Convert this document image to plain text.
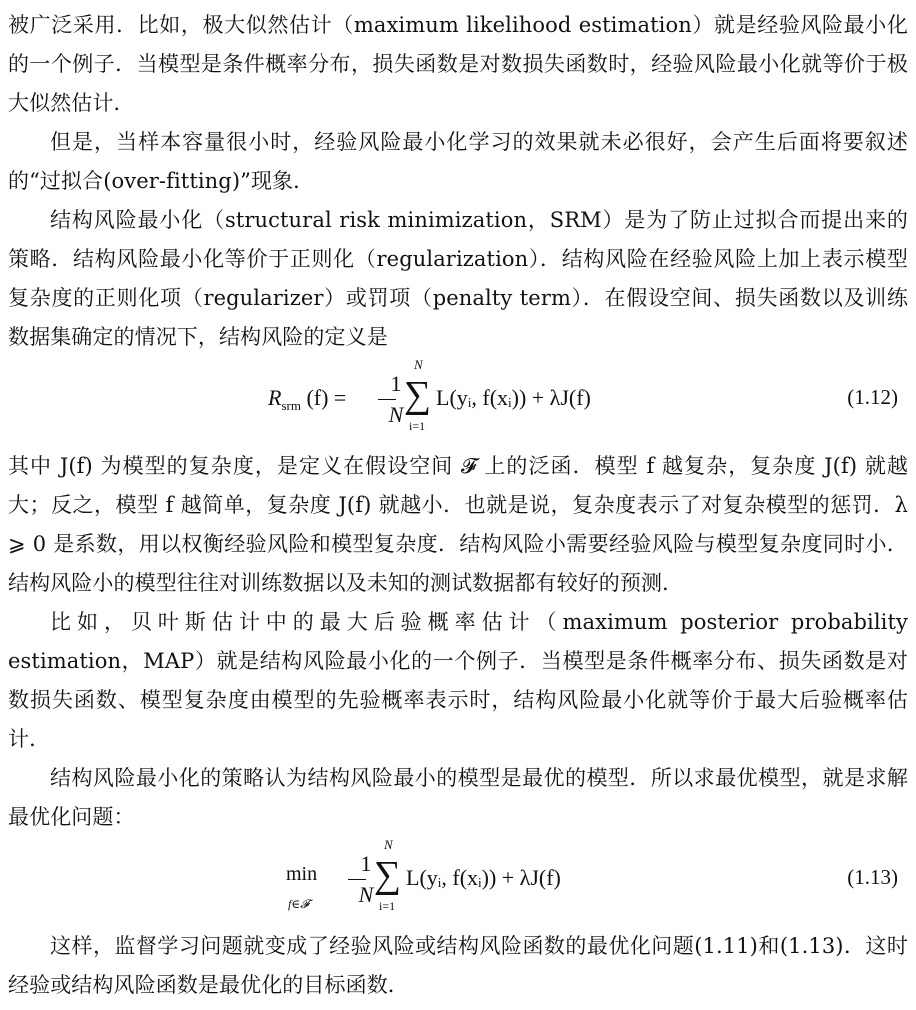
被广泛采用．比如，极大似然估计（maximum likelihood estimation）就是经验风险最小化的一个例子．当模型是条件概率分布，损失函数是对数损失函数时，经验风险最小化就等价于极大似然估计．

但是，当样本容量很小时，经验风险最小化学习的效果就未必很好，会产生后面将要叙述的“过拟合(over-fitting)”现象．

结构风险最小化（structural risk minimization，SRM）是为了防止过拟合而提出来的策略．结构风险最小化等价于正则化（regularization）．结构风险在经验风险上加上表示模型复杂度的正则化项（regularizer）或罚项（penalty term）．在假设空间、损失函数以及训练数据集确定的情况下，结构风险的定义是

$R_{srm}$ (f) =
1
N
N
∑
i=1
L(yᵢ, f(xᵢ)) + λJ(f)	(1.12)

其中 J(f) 为模型的复杂度，是定义在假设空间 𝓕 上的泛函．模型 f 越复杂，复杂度 J(f) 就越大；反之，模型 f 越简单，复杂度 J(f) 就越小．也就是说，复杂度表示了对复杂模型的惩罚．λ ⩾ 0 是系数，用以权衡经验风险和模型复杂度．结构风险小需要经验风险与模型复杂度同时小．结构风险小的模型往往对训练数据以及未知的测试数据都有较好的预测．

比如，贝叶斯估计中的最大后验概率估计（maximum posterior probability estimation，MAP）就是结构风险最小化的一个例子．当模型是条件概率分布、损失函数是对数损失函数、模型复杂度由模型的先验概率表示时，结构风险最小化就等价于最大后验概率估计．

结构风险最小化的策略认为结构风险最小的模型是最优的模型．所以求最优模型，就是求解最优化问题：

min
f∈𝓕
1
N
N
∑
i=1
L(yᵢ, f(xᵢ)) + λJ(f)	(1.13)

这样，监督学习问题就变成了经验风险或结构风险函数的最优化问题(1.11)和(1.13)．这时经验或结构风险函数是最优化的目标函数．
